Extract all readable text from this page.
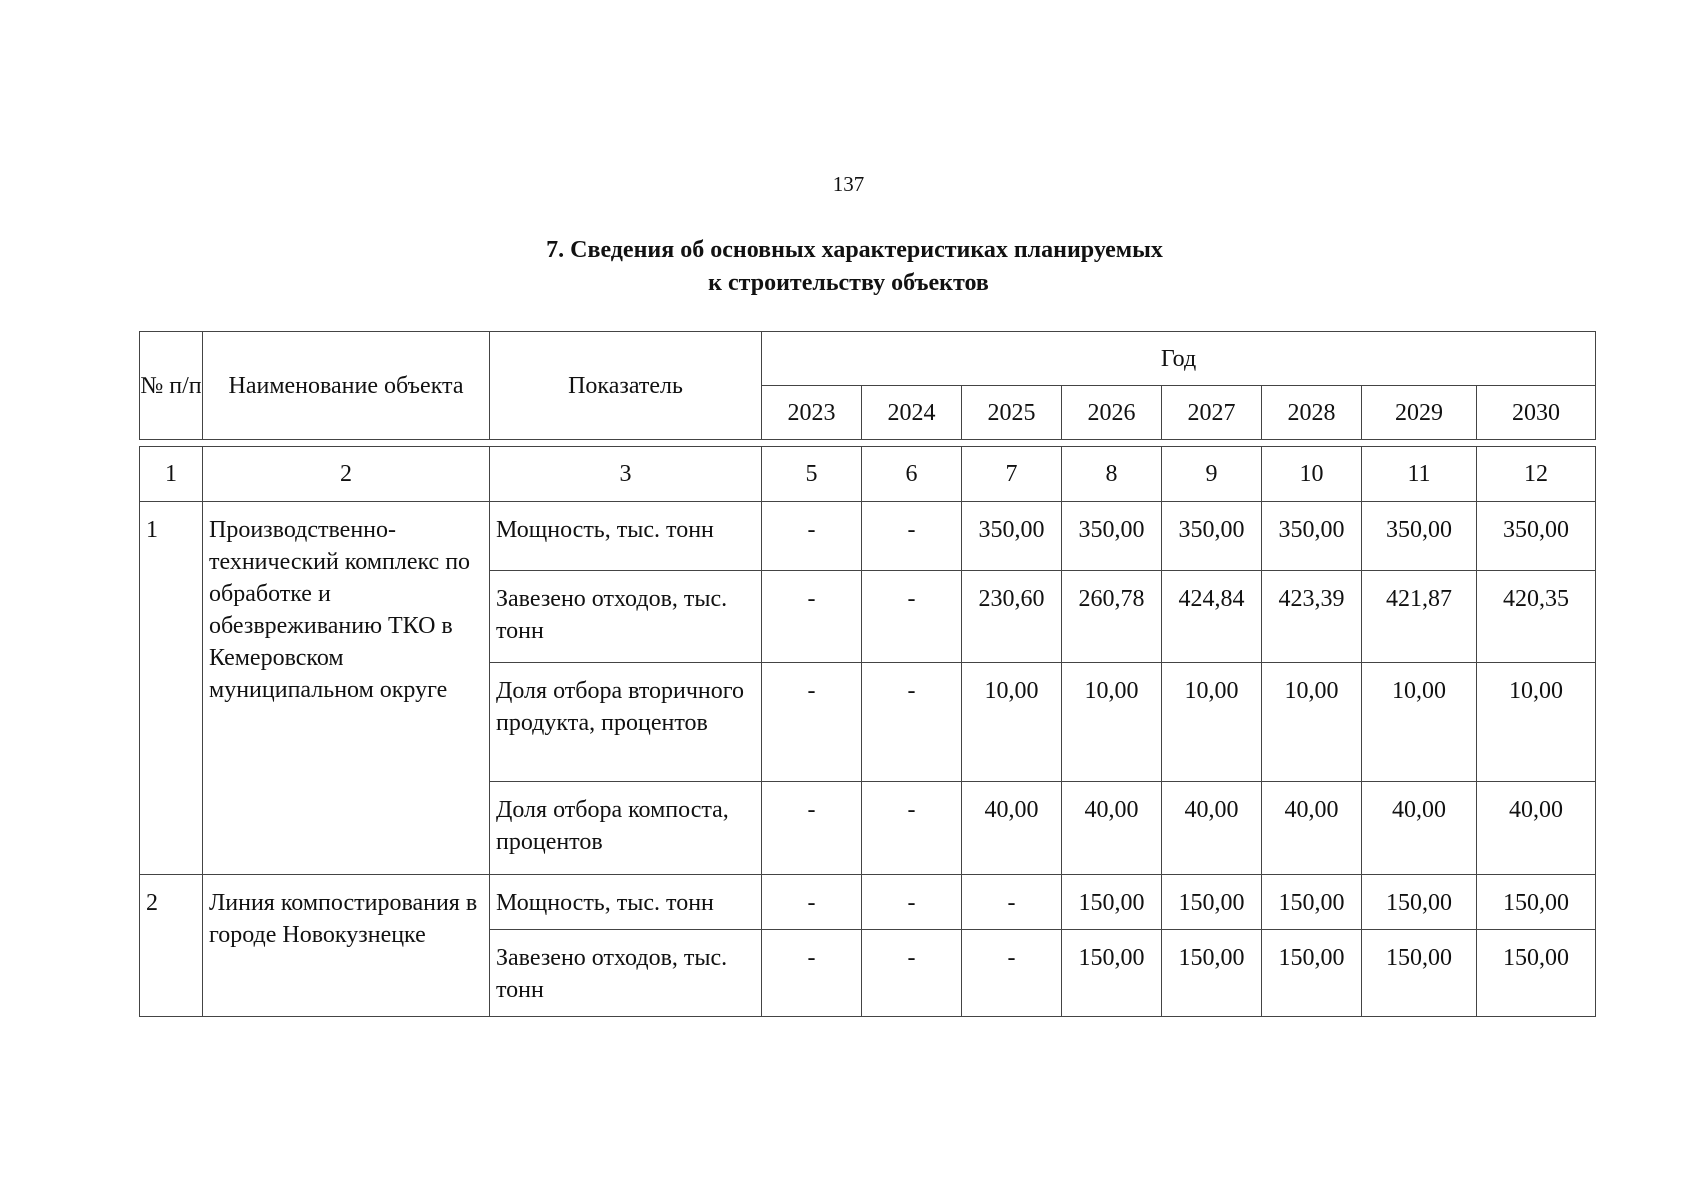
137
7. Сведения об основных характеристиках планируемых
к строительству объектов
№ п/п	Наименование объекта	Показатель	Год							
			2023	2024	2025	2026	2027	2028	2029	2030
1	2	3	5	6	7	8	9	10	11	12
1	Производственно-технический комплекс по обработке и обезвреживанию ТКО в Кемеровском муниципальном округе	Мощность, тыс. тонн	-	-	350,00	350,00	350,00	350,00	350,00	350,00
		Завезено отходов, тыс. тонн	-	-	230,60	260,78	424,84	423,39	421,87	420,35
		Доля отбора вторичного продукта, процентов	-	-	10,00	10,00	10,00	10,00	10,00	10,00
		Доля отбора компоста, процентов	-	-	40,00	40,00	40,00	40,00	40,00	40,00
2	Линия компостирования в городе Новокузнецке	Мощность, тыс. тонн	-	-	-	150,00	150,00	150,00	150,00	150,00
		Завезено отходов, тыс. тонн	-	-	-	150,00	150,00	150,00	150,00	150,00
